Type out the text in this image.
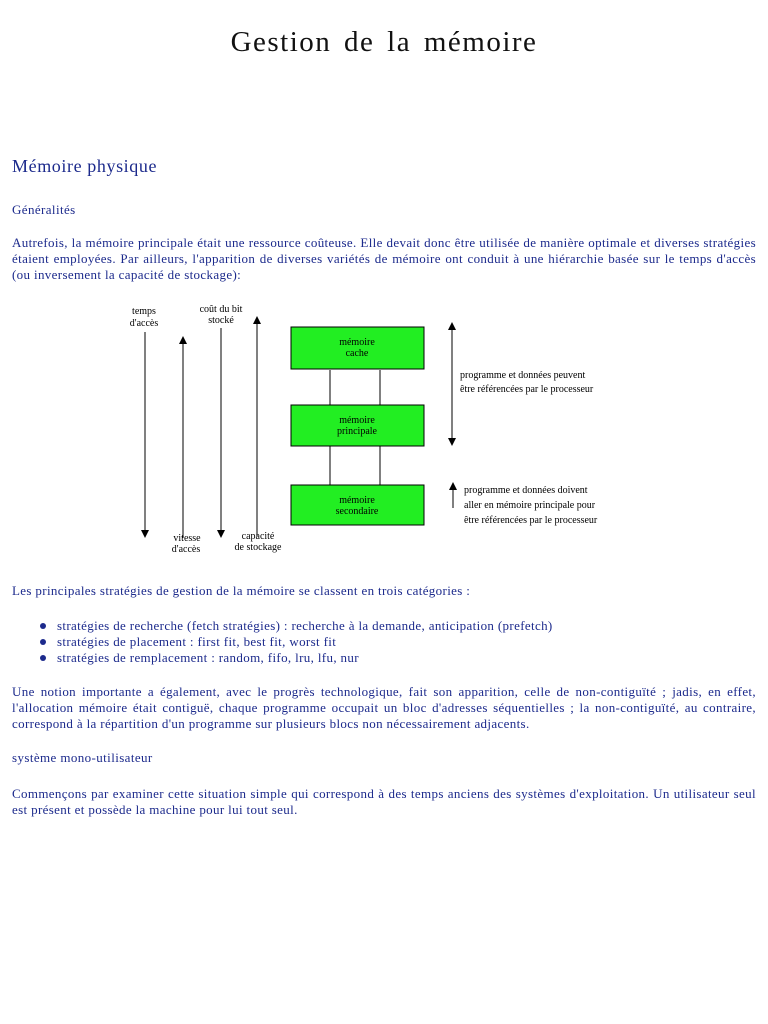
Gestion de la mémoire
Mémoire physique
Généralités

Autrefois, la mémoire principale était une ressource coûteuse. Elle devait donc être utilisée de manière optimale et diverses stratégies étaient employées. Par ailleurs, l'apparition de diverses variétés de mémoire ont conduit à une hiérarchie basée sur le temps d'accès (ou inversement la capacité de stockage):

temps
d'accès
vitesse
d'accès
coût du bit
stocké
capacité
de stockage
mémoire
cache
mémoire
principale
mémoire
secondaire
programme et données peuvent
être référencées par le processeur
programme et données doivent
aller en mémoire principale pour
être référencées par le processeur

Les principales stratégies de gestion de la mémoire se classent en trois catégories :

stratégies de recherche (fetch stratégies) : recherche à la demande, anticipation (prefetch)
stratégies de placement : first fit, best fit, worst fit
stratégies de remplacement : random, fifo, lru, lfu, nur

Une notion importante a également, avec le progrès technologique, fait son apparition, celle de non-contiguïté ; jadis, en effet, l'allocation mémoire était contiguë, chaque programme occupait un bloc d'adresses séquentielles ; la non-contiguïté, au contraire, correspond à la répartition d'un programme sur plusieurs blocs non nécessairement adjacents.

système mono-utilisateur

Commençons par examiner cette situation simple qui correspond à des temps anciens des systèmes d'exploitation. Un utilisateur seul est présent et possède la machine pour lui tout seul.
